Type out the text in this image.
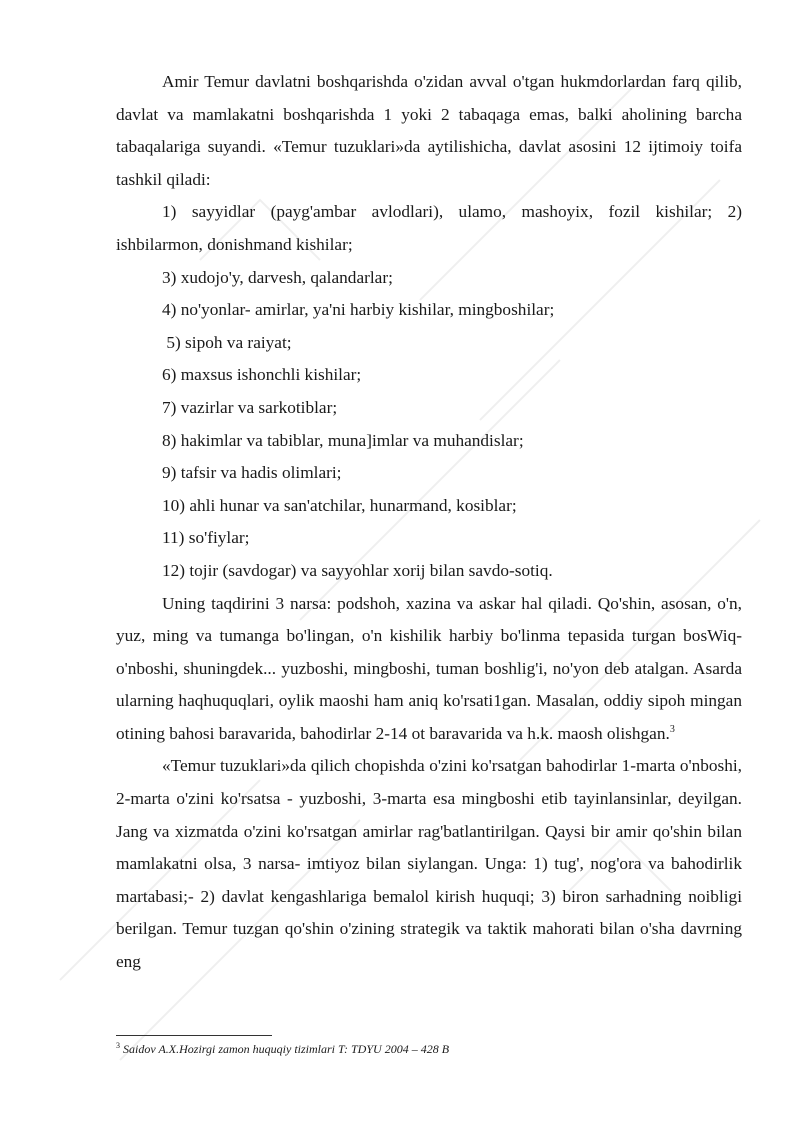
Amir Temur davlatni boshqarishda o'zidan avval o'tgan hukmdorlardan farq qilib, davlat va mamlakatni boshqarishda 1 yoki 2 tabaqaga emas, balki aholining barcha tabaqalariga suyandi. «Temur tuzuklari»da aytilishicha, davlat asosini 12 ijtimoiy toifa tashkil qiladi:

1) sayyidlar (payg'ambar avlodlari), ulamo, mashoyix, fozil kishilar; 2) ishbilarmon, donishmand kishilar;

3) xudojo'y, darvesh, qalandarlar;

4) no'yonlar- amirlar, ya'ni harbiy kishilar, mingboshilar;

5) sipoh va raiyat;

6) maxsus ishonchli kishilar;

7) vazirlar va sarkotiblar;

8) hakimlar va tabiblar, muna]imlar va muhandislar;

9) tafsir va hadis olimlari;

10) ahli hunar va san'atchilar, hunarmand, kosiblar;

11) so'fiylar;

12) tojir (savdogar) va sayyohlar xorij bilan savdo-sotiq.

Uning taqdirini 3 narsa: podshoh, xazina va askar hal qiladi. Qo'shin, asosan, o'n, yuz, ming va tumanga bo'lingan, o'n kishilik harbiy bo'linma tepasida turgan bosWiq- o'nboshi, shuningdek... yuzboshi, mingboshi, tuman boshlig'i, no'yon deb atalgan. Asarda ularning haqhuquqlari, oylik maoshi ham aniq ko'rsati1gan. Masalan, oddiy sipoh mingan otining bahosi baravarida, bahodirlar 2-14 ot baravarida va h.k. maosh olishgan.$^3$

«Temur tuzuklari»da qilich chopishda o'zini ko'rsatgan bahodirlar 1-marta o'nboshi, 2-marta o'zini ko'rsatsa - yuzboshi, 3-marta esa mingboshi etib tayinlansinlar, deyilgan. Jang va xizmatda o'zini ko'rsatgan amirlar rag'batlantirilgan. Qaysi bir amir qo'shin bilan mamlakatni olsa, 3 narsa- imtiyoz bilan siylangan. Unga: 1) tug', nog'ora va bahodirlik martabasi;- 2) davlat kengashlariga bemalol kirish huquqi; 3) biron sarhadning noibligi berilgan. Temur tuzgan qo'shin o'zining strategik va taktik mahorati bilan o'sha davrning eng

$^3$ Saidov A.X.Hozirgi zamon huquqiy tizimlari T: TDYU 2004 – 428 B
